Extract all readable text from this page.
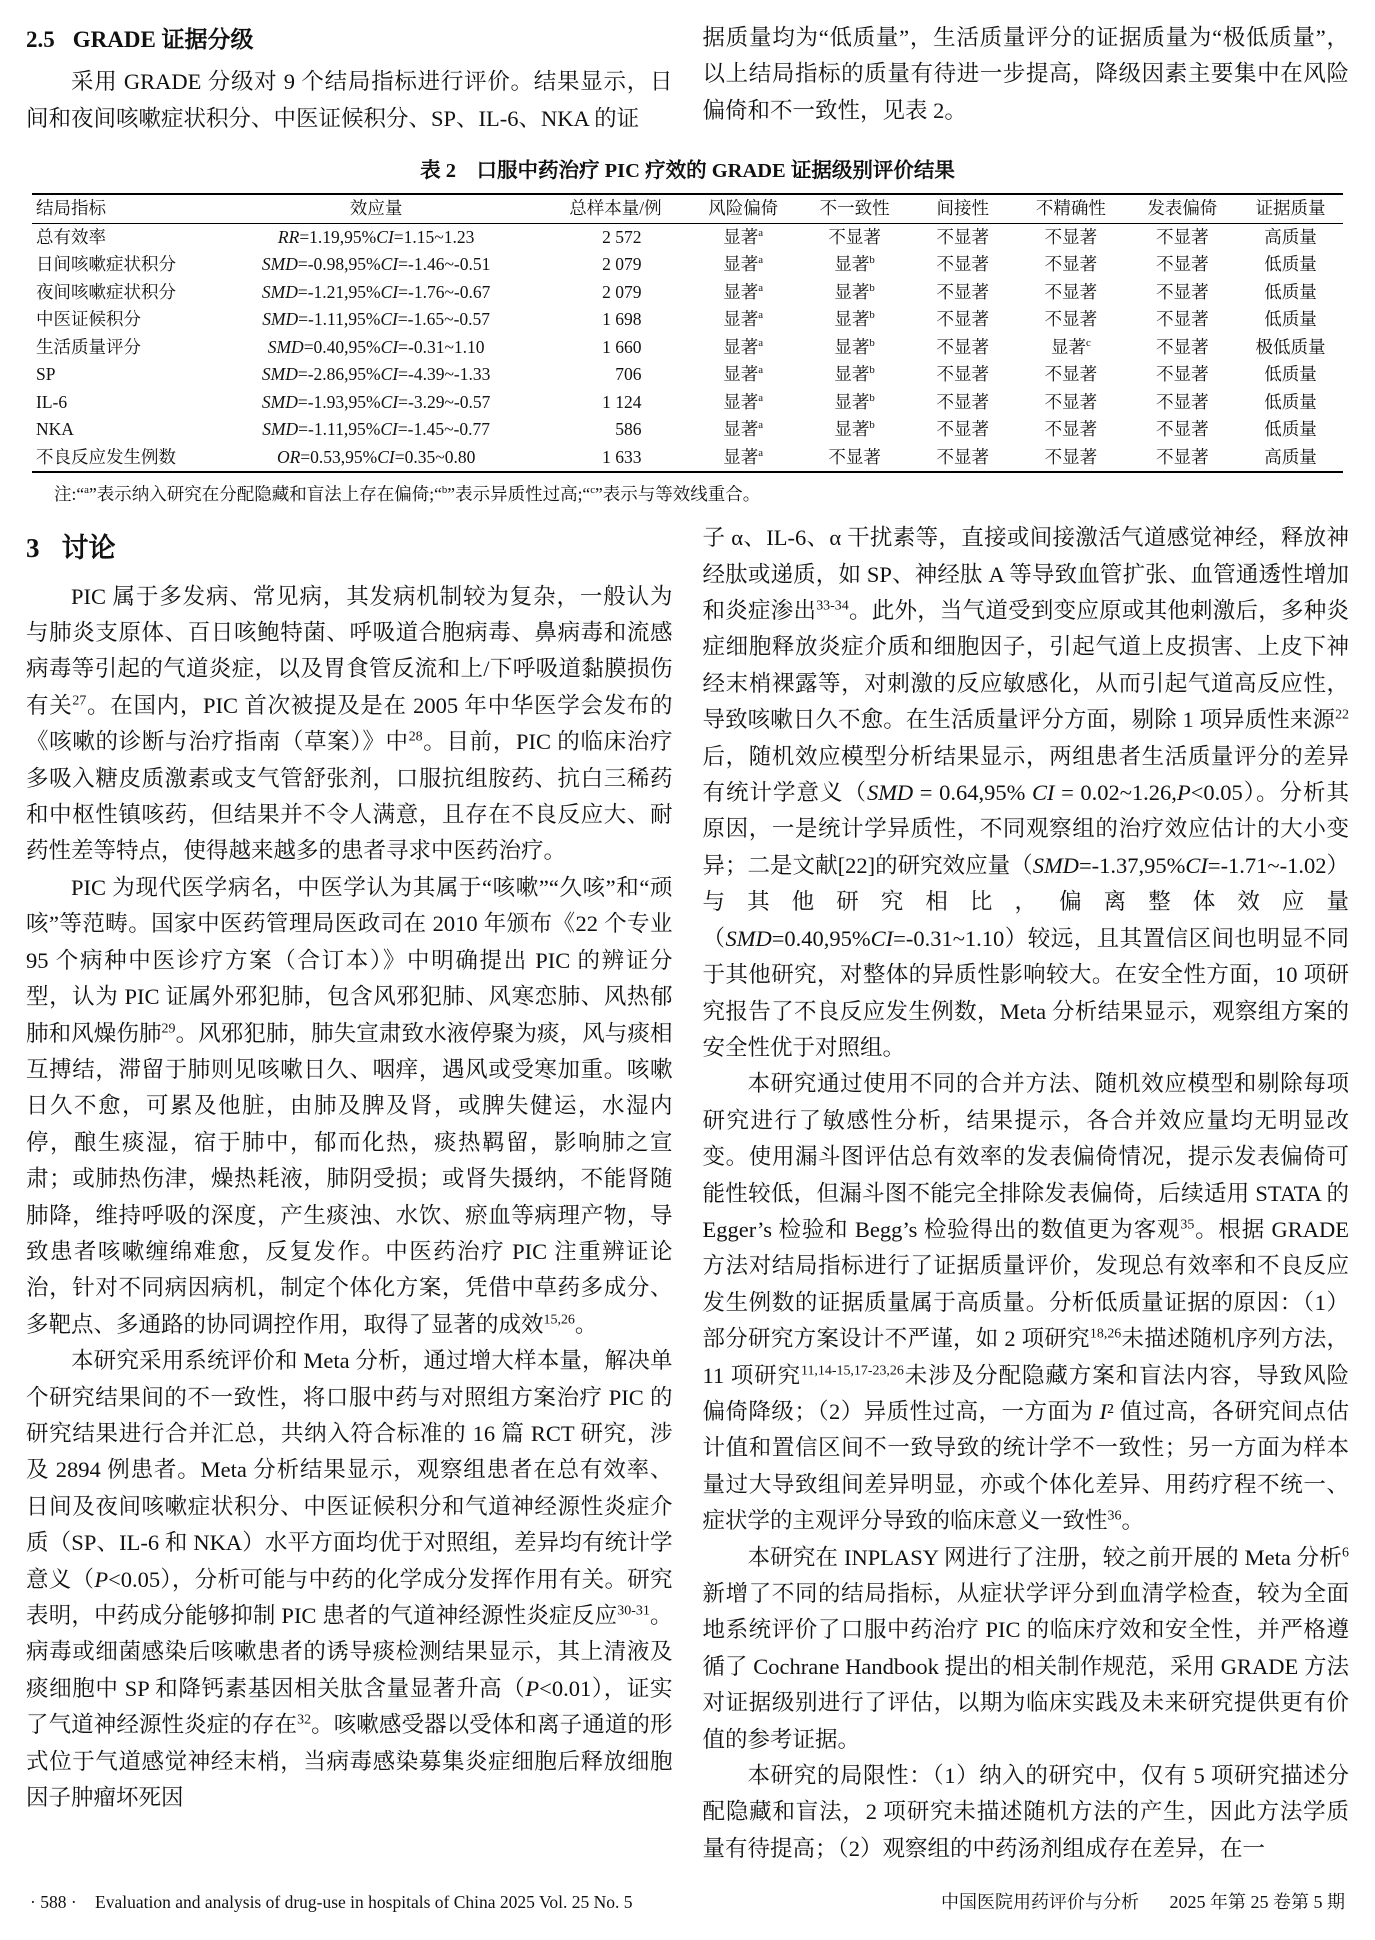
2.5 GRADE 证据分级

采用 GRADE 分级对 9 个结局指标进行评价。结果显示，日间和夜间咳嗽症状积分、中医证候积分、SP、IL-6、NKA 的证

据质量均为“低质量”，生活质量评分的证据质量为“极低质量”，以上结局指标的质量有待进一步提高，降级因素主要集中在风险偏倚和不一致性，见表 2。

表 2　口服中药治疗 PIC 疗效的 GRADE 证据级别评价结果
结局指标	效应量	总样本量/例	风险偏倚	不一致性	间接性	不精确性	发表偏倚	证据质量
总有效率	RR=1.19,95%CI=1.15~1.23	2 572	显著$^a$	不显著	不显著	不显著	不显著	高质量
日间咳嗽症状积分	SMD=-0.98,95%CI=-1.46~-0.51	2 079	显著$^a$	显著$^b$	不显著	不显著	不显著	低质量
夜间咳嗽症状积分	SMD=-1.21,95%CI=-1.76~-0.67	2 079	显著$^a$	显著$^b$	不显著	不显著	不显著	低质量
中医证候积分	SMD=-1.11,95%CI=-1.65~-0.57	1 698	显著$^a$	显著$^b$	不显著	不显著	不显著	低质量
生活质量评分	SMD=0.40,95%CI=-0.31~1.10	1 660	显著$^a$	显著$^b$	不显著	显著$^c$	不显著	极低质量
SP	SMD=-2.86,95%CI=-4.39~-1.33	706	显著$^a$	显著$^b$	不显著	不显著	不显著	低质量
IL-6	SMD=-1.93,95%CI=-3.29~-0.57	1 124	显著$^a$	显著$^b$	不显著	不显著	不显著	低质量
NKA	SMD=-1.11,95%CI=-1.45~-0.77	586	显著$^a$	显著$^b$	不显著	不显著	不显著	低质量
不良反应发生例数	OR=0.53,95%CI=0.35~0.80	1 633	显著$^a$	不显著	不显著	不显著	不显著	高质量
注:“$^a$”表示纳入研究在分配隐藏和盲法上存在偏倚;“$^b$”表示异质性过高;“$^c$”表示与等效线重合。
3 讨论

PIC 属于多发病、常见病，其发病机制较为复杂，一般认为与肺炎支原体、百日咳鲍特菌、呼吸道合胞病毒、鼻病毒和流感病毒等引起的气道炎症，以及胃食管反流和上/下呼吸道黏膜损伤有关$^{27}$。在国内，PIC 首次被提及是在 2005 年中华医学会发布的《咳嗽的诊断与治疗指南（草案）》中$^{28}$。目前，PIC 的临床治疗多吸入糖皮质激素或支气管舒张剂，口服抗组胺药、抗白三稀药和中枢性镇咳药，但结果并不令人满意，且存在不良反应大、耐药性差等特点，使得越来越多的患者寻求中医药治疗。

PIC 为现代医学病名，中医学认为其属于“咳嗽”“久咳”和“顽咳”等范畴。国家中医药管理局医政司在 2010 年颁布《22 个专业 95 个病种中医诊疗方案（合订本）》中明确提出 PIC 的辨证分型，认为 PIC 证属外邪犯肺，包含风邪犯肺、风寒恋肺、风热郁肺和风燥伤肺$^{29}$。风邪犯肺，肺失宣肃致水液停聚为痰，风与痰相互搏结，滞留于肺则见咳嗽日久、咽痒，遇风或受寒加重。咳嗽日久不愈，可累及他脏，由肺及脾及肾，或脾失健运，水湿内停，酿生痰湿，宿于肺中，郁而化热，痰热羁留，影响肺之宣肃；或肺热伤津，燥热耗液，肺阴受损；或肾失摄纳，不能肾随肺降，维持呼吸的深度，产生痰浊、水饮、瘀血等病理产物，导致患者咳嗽缠绵难愈，反复发作。中医药治疗 PIC 注重辨证论治，针对不同病因病机，制定个体化方案，凭借中草药多成分、多靶点、多通路的协同调控作用，取得了显著的成效$^{15,26}$。

本研究采用系统评价和 Meta 分析，通过增大样本量，解决单个研究结果间的不一致性，将口服中药与对照组方案治疗 PIC 的研究结果进行合并汇总，共纳入符合标准的 16 篇 RCT 研究，涉及 2894 例患者。Meta 分析结果显示，观察组患者在总有效率、日间及夜间咳嗽症状积分、中医证候积分和气道神经源性炎症介质（SP、IL-6 和 NKA）水平方面均优于对照组，差异均有统计学意义（P<0.05），分析可能与中药的化学成分发挥作用有关。研究表明，中药成分能够抑制 PIC 患者的气道神经源性炎症反应$^{30-31}$。病毒或细菌感染后咳嗽患者的诱导痰检测结果显示，其上清液及痰细胞中 SP 和降钙素基因相关肽含量显著升高（P<0.01），证实了气道神经源性炎症的存在$^{32}$。咳嗽感受器以受体和离子通道的形式位于气道感觉神经末梢，当病毒感染募集炎症细胞后释放细胞因子肿瘤坏死因

子 α、IL-6、α 干扰素等，直接或间接激活气道感觉神经，释放神经肽或递质，如 SP、神经肽 A 等导致血管扩张、血管通透性增加和炎症渗出$^{33-34}$。此外，当气道受到变应原或其他刺激后，多种炎症细胞释放炎症介质和细胞因子，引起气道上皮损害、上皮下神经末梢裸露等，对刺激的反应敏感化，从而引起气道高反应性，导致咳嗽日久不愈。在生活质量评分方面，剔除 1 项异质性来源$^{22}$后，随机效应模型分析结果显示，两组患者生活质量评分的差异有统计学意义（SMD = 0.64,95% CI = 0.02~1.26,P<0.05）。分析其原因，一是统计学异质性，不同观察组的治疗效应估计的大小变异；二是文献[22]的研究效应量（SMD=-1.37,95%CI=-1.71~-1.02）与其他研究相比，偏离整体效应量（SMD=0.40,95%CI=-0.31~1.10）较远，且其置信区间也明显不同于其他研究，对整体的异质性影响较大。在安全性方面，10 项研究报告了不良反应发生例数，Meta 分析结果显示，观察组方案的安全性优于对照组。

本研究通过使用不同的合并方法、随机效应模型和剔除每项研究进行了敏感性分析，结果提示，各合并效应量均无明显改变。使用漏斗图评估总有效率的发表偏倚情况，提示发表偏倚可能性较低，但漏斗图不能完全排除发表偏倚，后续适用 STATA 的 Egger’s 检验和 Begg’s 检验得出的数值更为客观$^{35}$。根据 GRADE 方法对结局指标进行了证据质量评价，发现总有效率和不良反应发生例数的证据质量属于高质量。分析低质量证据的原因：（1）部分研究方案设计不严谨，如 2 项研究$^{18,26}$未描述随机序列方法，11 项研究$^{11,14-15,17-23,26}$未涉及分配隐藏方案和盲法内容，导致风险偏倚降级；（2）异质性过高，一方面为 I² 值过高，各研究间点估计值和置信区间不一致导致的统计学不一致性；另一方面为样本量过大导致组间差异明显，亦或个体化差异、用药疗程不统一、症状学的主观评分导致的临床意义一致性$^{36}$。

本研究在 INPLASY 网进行了注册，较之前开展的 Meta 分析$^6$新增了不同的结局指标，从症状学评分到血清学检查，较为全面地系统评价了口服中药治疗 PIC 的临床疗效和安全性，并严格遵循了 Cochrane Handbook 提出的相关制作规范，采用 GRADE 方法对证据级别进行了评估，以期为临床实践及未来研究提供更有价值的参考证据。

本研究的局限性：（1）纳入的研究中，仅有 5 项研究描述分配隐藏和盲法，2 项研究未描述随机方法的产生，因此方法学质量有待提高；（2）观察组的中药汤剂组成存在差异，在一

· 588 · Evaluation and analysis of drug-use in hospitals of China 2025 Vol. 25 No. 5	中国医院用药评价与分析 2025 年第 25 卷第 5 期
